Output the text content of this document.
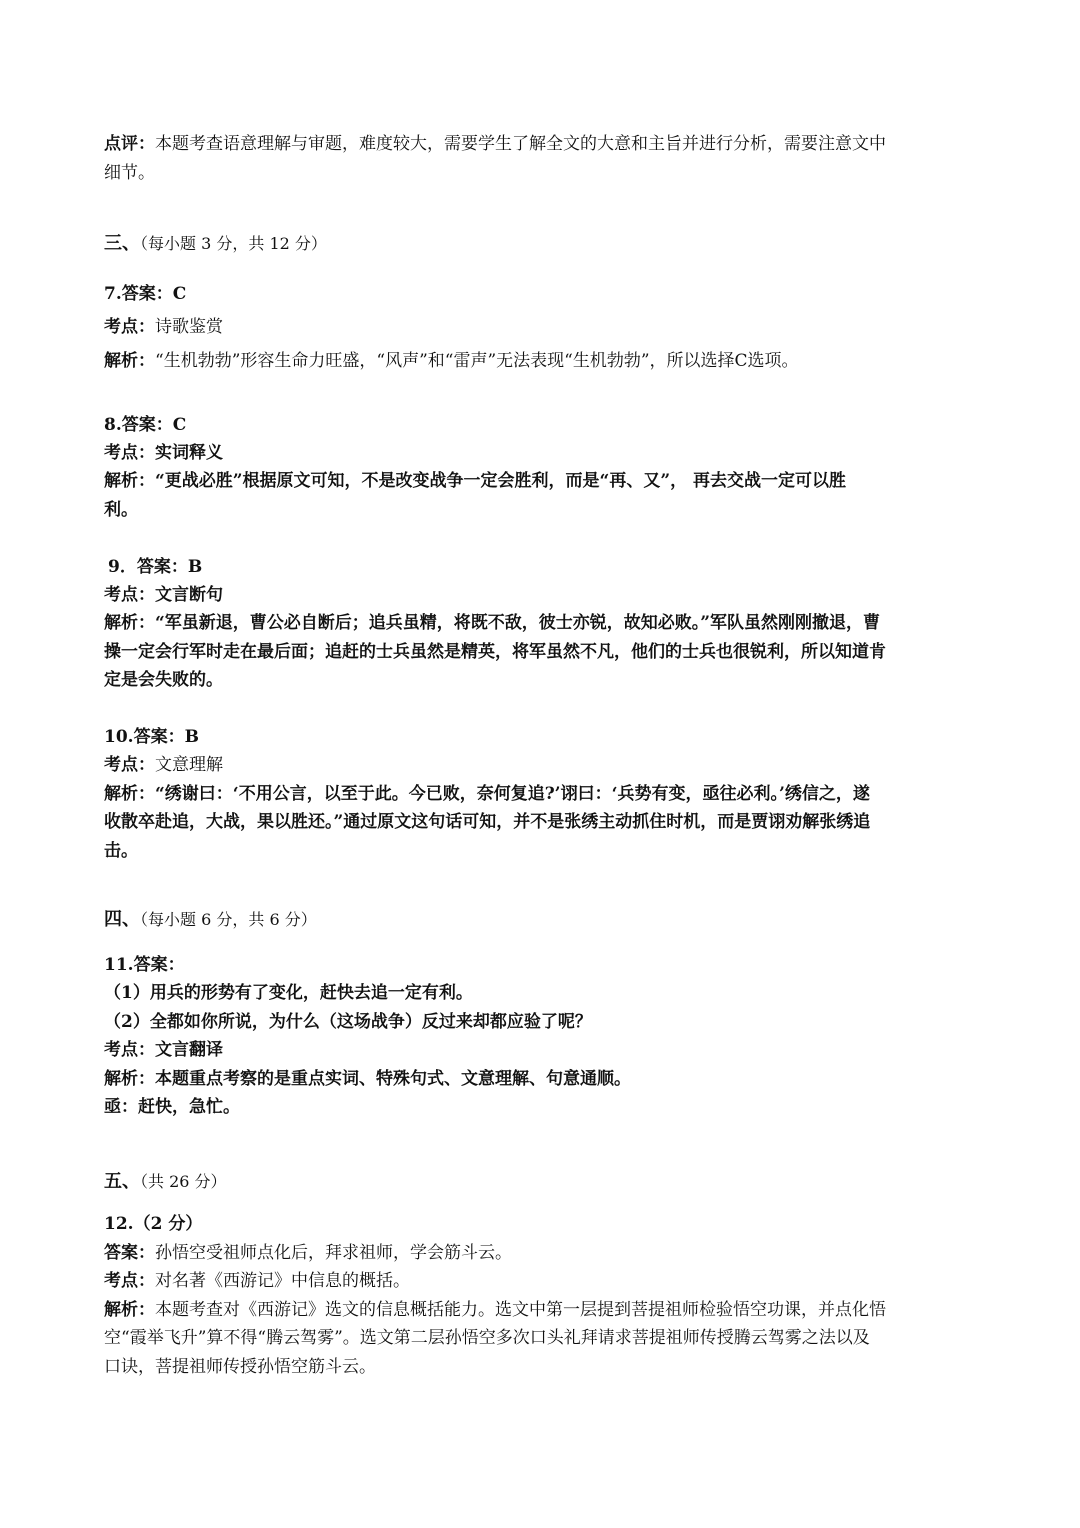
点评：本题考查语意理解与审题，难度较大，需要学生了解全文的大意和主旨并进行分析，需要注意文中
细节。
三、（每小题 3 分，共 12 分）
7.答案：C
考点：诗歌鉴赏
解析：“生机勃勃”形容生命力旺盛，“风声”和“雷声”无法表现“生机勃勃”，所以选择C选项。
8.答案：C
考点：实词释义
解析：“更战必胜”根据原文可知，不是改变战争一定会胜利，而是“再、又”， 再去交战一定可以胜
利。
9．答案：B
考点：文言断句
解析：“军虽新退，曹公必自断后；追兵虽精，将既不敌，彼士亦锐，故知必败。”军队虽然刚刚撤退，曹
操一定会行军时走在最后面；追赶的士兵虽然是精英，将军虽然不凡，他们的士兵也很锐利，所以知道肯
定是会失败的。
10.答案：B
考点：文意理解
解析：“绣谢曰：‘不用公言，以至于此。今已败，奈何复追?’诩曰：‘兵势有变，亟往必利。’绣信之，遂
收散卒赴追，大战，果以胜还。”通过原文这句话可知，并不是张绣主动抓住时机，而是贾诩劝解张绣追
击。
四、（每小题 6 分，共 6 分）
11.答案：
（1）用兵的形势有了变化，赶快去追一定有利。
（2）全都如你所说，为什么（这场战争）反过来却都应验了呢？
考点：文言翻译
解析：本题重点考察的是重点实词、特殊句式、文意理解、句意通顺。
亟：赶快，急忙。
五、（共 26 分）
12.（2 分）
答案：孙悟空受祖师点化后，拜求祖师，学会筋斗云。
考点：对名著《西游记》中信息的概括。
解析：本题考查对《西游记》选文的信息概括能力。选文中第一层提到菩提祖师检验悟空功课，并点化悟
空“霞举飞升”算不得“腾云驾雾”。选文第二层孙悟空多次口头礼拜请求菩提祖师传授腾云驾雾之法以及
口诀，菩提祖师传授孙悟空筋斗云。
